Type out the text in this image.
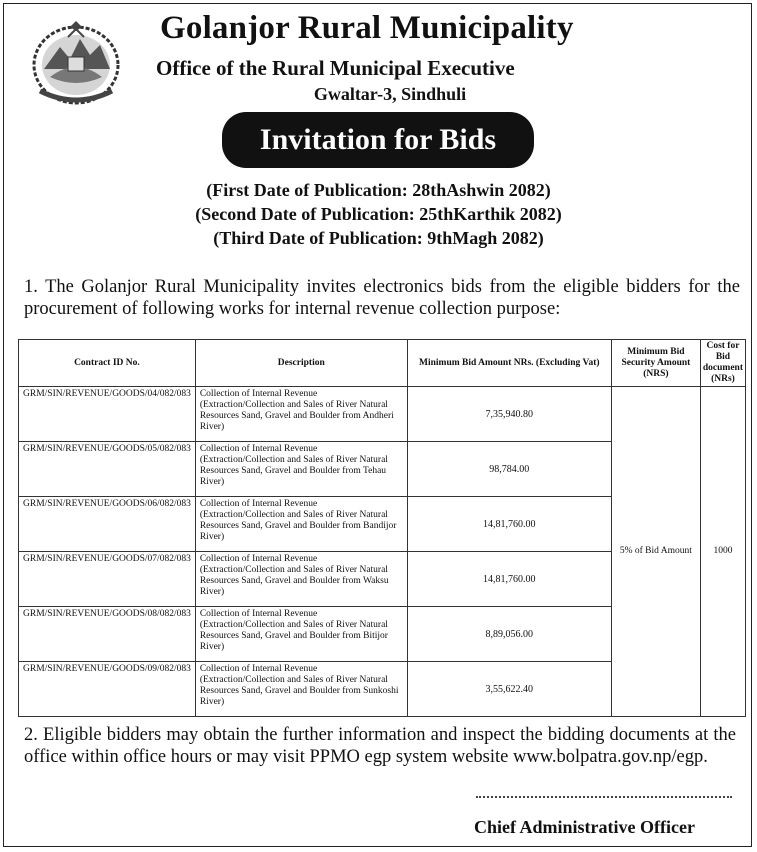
Golanjor Rural Municipality
Office of the Rural Municipal Executive
Gwaltar-3, Sindhuli
Invitation for Bids
(First Date of Publication: 28thAshwin 2082)
(Second Date of Publication: 25thKarthik 2082)
(Third Date of Publication: 9thMagh 2082)
1. The Golanjor Rural Municipality invites electronics bids from the eligible bidders for the procurement of following works for internal revenue collection purpose:
Contract ID No.	Description	Minimum Bid Amount NRs. (Excluding Vat)	Minimum Bid Security Amount (NRS)	Cost for Bid document (NRs)
GRM/SIN/REVENUE/GOODS/04/082/083	Collection of Internal Revenue (Extraction/Collection and Sales of River Natural Resources Sand, Gravel and Boulder from Andheri River)	7,35,940.80	5% of Bid Amount	1000
GRM/SIN/REVENUE/GOODS/05/082/083	Collection of Internal Revenue (Extraction/Collection and Sales of River Natural Resources Sand, Gravel and Boulder from Tehau River)	98,784.00		
GRM/SIN/REVENUE/GOODS/06/082/083	Collection of Internal Revenue (Extraction/Collection and Sales of River Natural Resources Sand, Gravel and Boulder from Bandijor River)	14,81,760.00		
GRM/SIN/REVENUE/GOODS/07/082/083	Collection of Internal Revenue (Extraction/Collection and Sales of River Natural Resources Sand, Gravel and Boulder from Waksu River)	14,81,760.00		
GRM/SIN/REVENUE/GOODS/08/082/083	Collection of Internal Revenue (Extraction/Collection and Sales of River Natural Resources Sand, Gravel and Boulder from Bitijor River)	8,89,056.00		
GRM/SIN/REVENUE/GOODS/09/082/083	Collection of Internal Revenue (Extraction/Collection and Sales of River Natural Resources Sand, Gravel and Boulder from Sunkoshi River)	3,55,622.40		
2. Eligible bidders may obtain the further information and inspect the bidding documents at the office within office hours or may visit PPMO egp system website www.bolpatra.gov.np/egp.
Chief Administrative Officer
